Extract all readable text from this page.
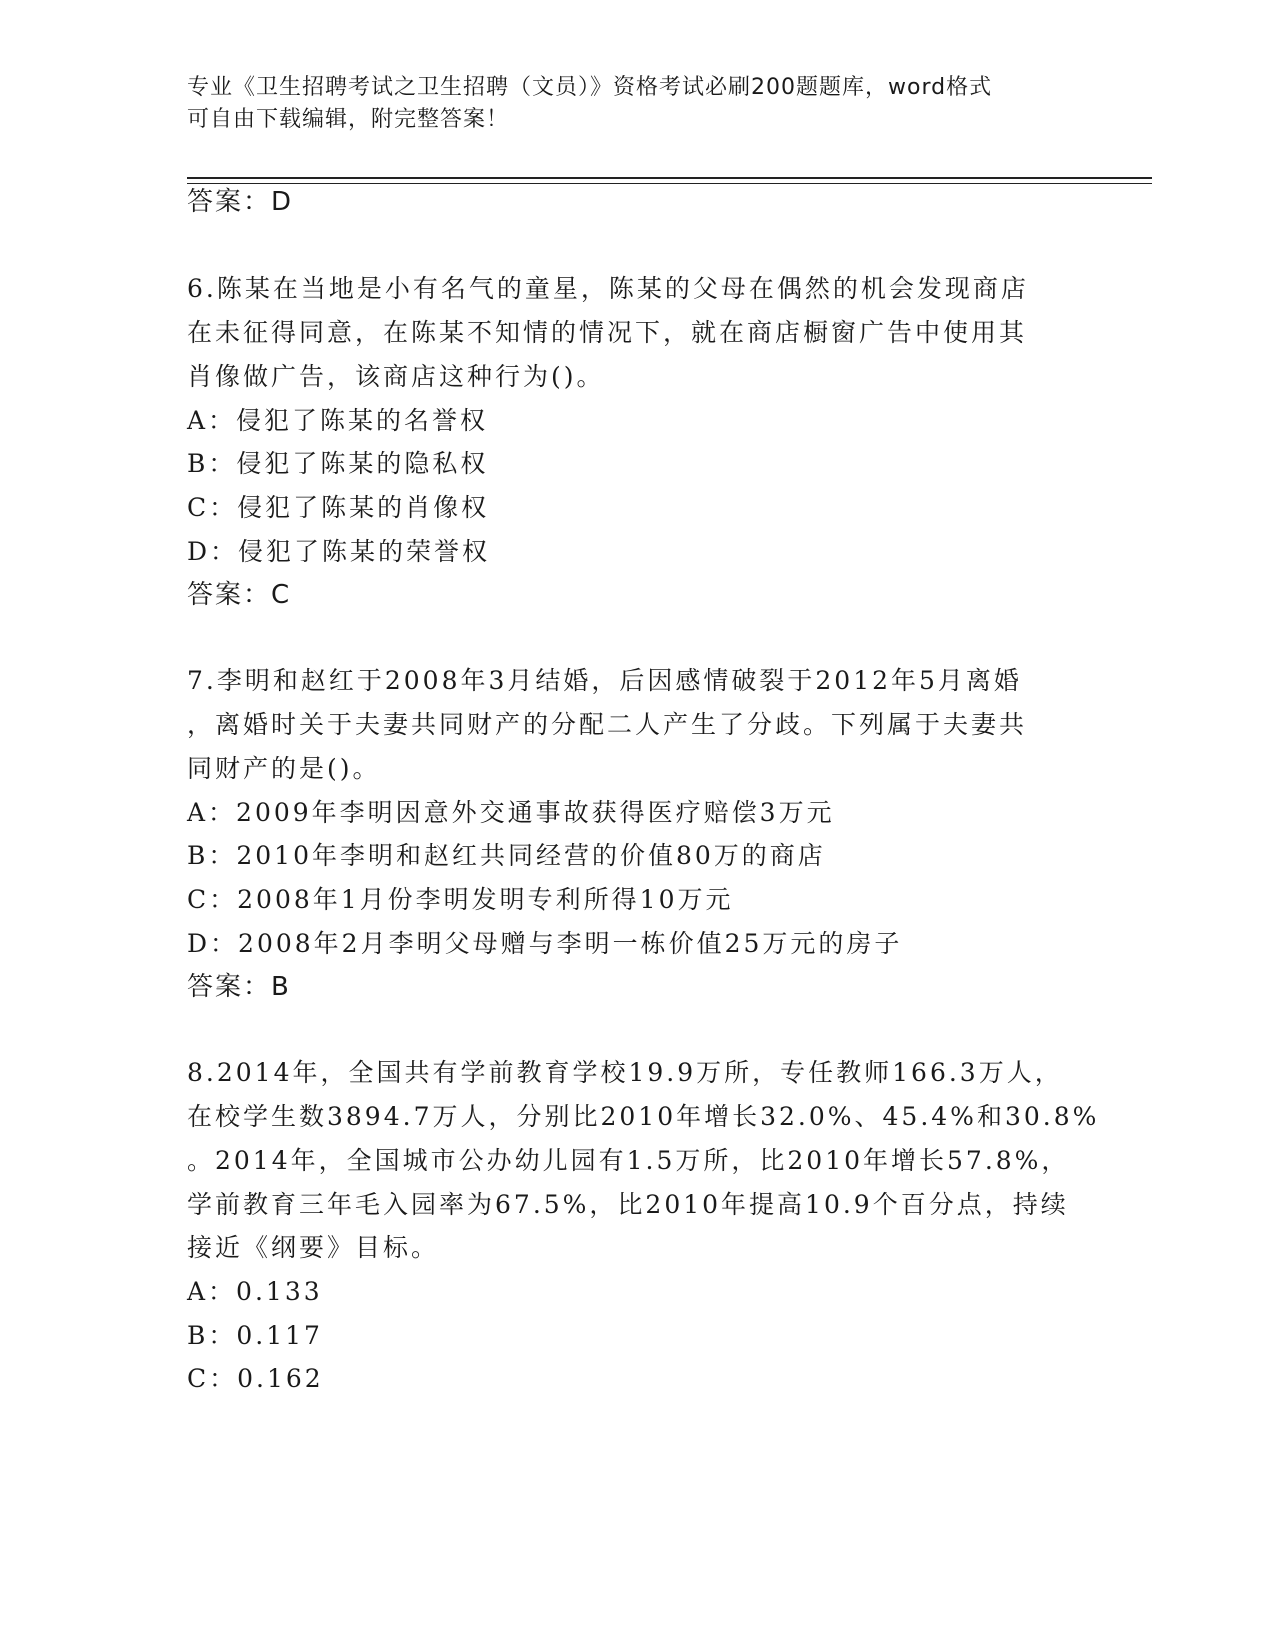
专业《卫生招聘考试之卫生招聘（文员）》资格考试必刷200题题库，word格式
可自由下载编辑，附完整答案！
答案：D
6.陈某在当地是小有名气的童星，陈某的父母在偶然的机会发现商店
在未征得同意，在陈某不知情的情况下，就在商店橱窗广告中使用其
肖像做广告，该商店这种行为()。
A：侵犯了陈某的名誉权
B：侵犯了陈某的隐私权
C：侵犯了陈某的肖像权
D：侵犯了陈某的荣誉权
答案：C
7.李明和赵红于2008年3月结婚，后因感情破裂于2012年5月离婚
，离婚时关于夫妻共同财产的分配二人产生了分歧。下列属于夫妻共
同财产的是()。
A：2009年李明因意外交通事故获得医疗赔偿3万元
B：2010年李明和赵红共同经营的价值80万的商店
C：2008年1月份李明发明专利所得10万元
D：2008年2月李明父母赠与李明一栋价值25万元的房子
答案：B
8.2014年，全国共有学前教育学校19.9万所，专任教师166.3万人，
在校学生数3894.7万人，分别比2010年增长32.0%、45.4%和30.8%
。2014年，全国城市公办幼儿园有1.5万所，比2010年增长57.8%，
学前教育三年毛入园率为67.5%，比2010年提高10.9个百分点，持续
接近《纲要》目标。
A：0.133
B：0.117
C：0.162
